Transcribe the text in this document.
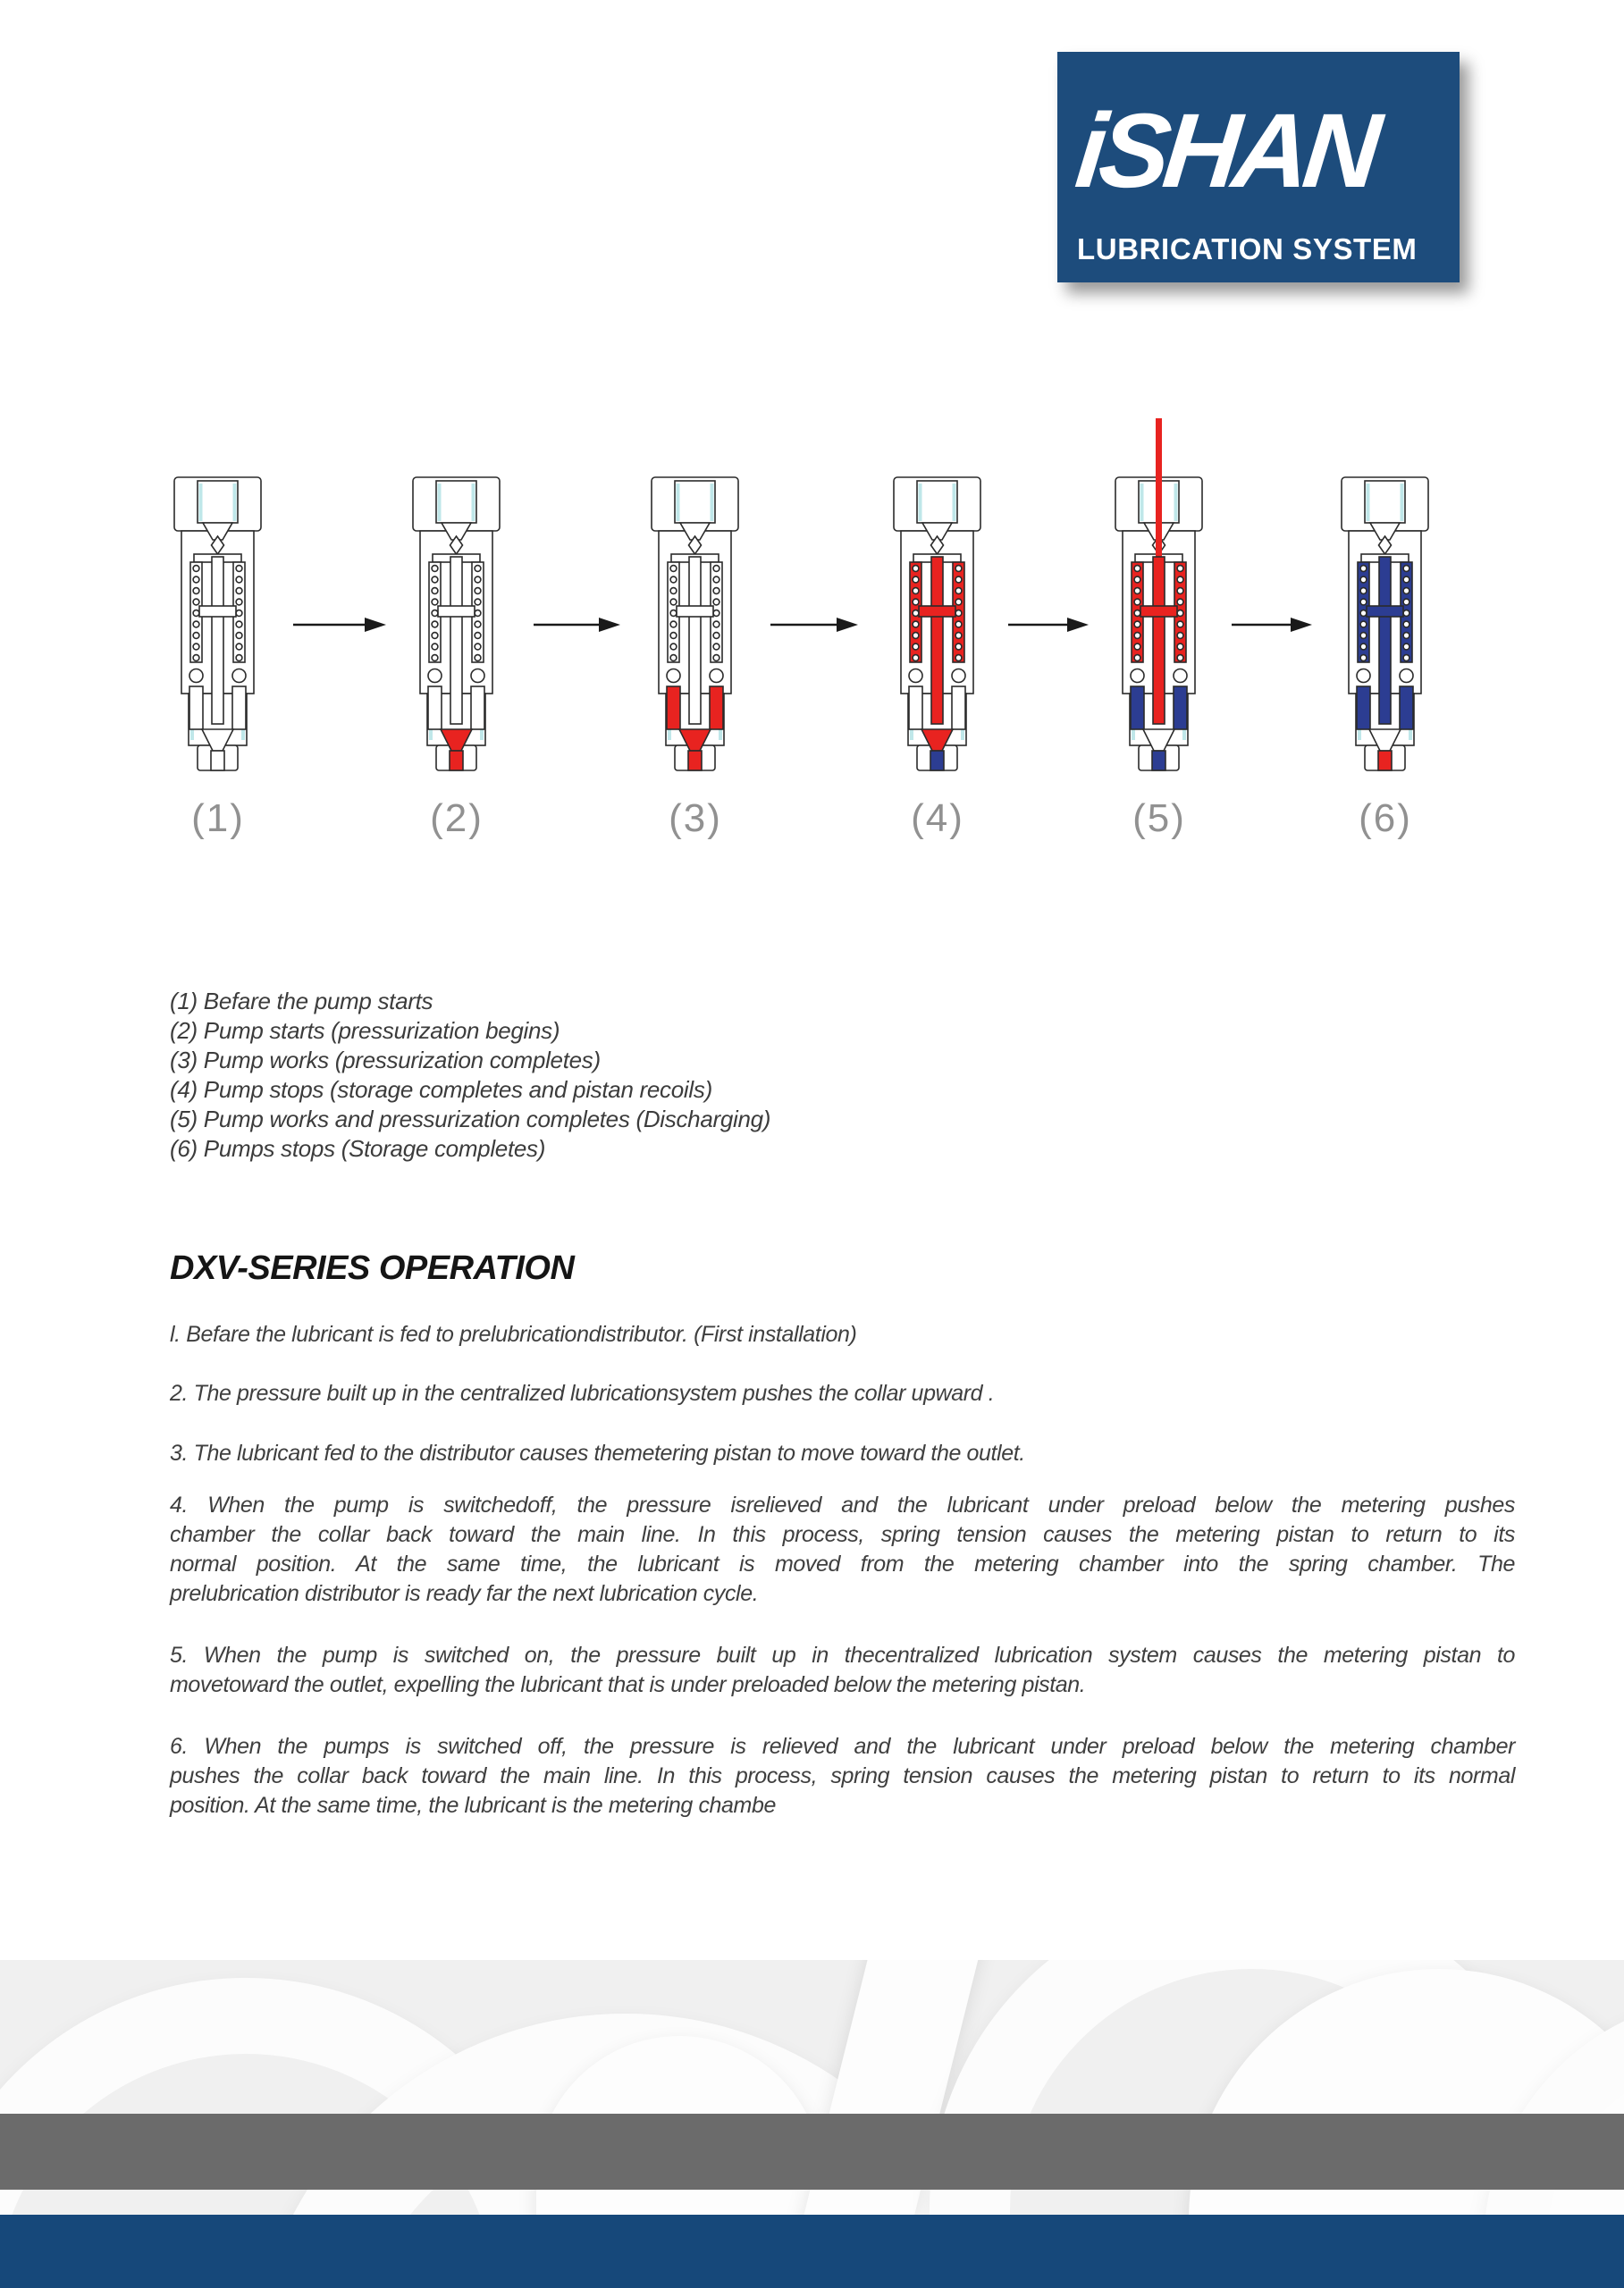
iSHAN
LUBRICATION SYSTEM
(1)	(2)	(3)	(4)	(5)	(6)
(1) Befare the pump starts
(2) Pump starts (pressurization begins)
(3) Pump works (pressurization completes)
(4) Pump stops (storage completes and pistan recoils)
(5) Pump works and pressurization completes (Discharging)
(6) Pumps stops (Storage completes)
DXV-SERIES OPERATION
l. Befare the lubricant is fed to prelubricationdistributor. (First installation)
2. The pressure built up in the centralized lubricationsystem pushes the collar upward .
3. The lubricant fed to the distributor causes themetering pistan to move toward the outlet.
4. When the pump is switchedoff, the pressure isrelieved and the lubricant under preload below the metering pushes
chamber the collar back toward the main line. In this process, spring tension causes the metering pistan to return to its
normal position. At the same time, the lubricant is moved from the metering chamber into the spring chamber. The
prelubrication distributor is ready far the next lubrication cycle.
5. When the pump is switched on, the pressure built up in thecentralized lubrication system causes the metering pistan to
movetoward the outlet, expelling the lubricant that is under preloaded below the metering pistan.
6. When the pumps is switched off, the pressure is relieved and the lubricant under preload below the metering chamber
pushes the collar back toward the main line. In this process, spring tension causes the metering pistan to return to its normal
position. At the same time, the lubricant is the metering chambe
